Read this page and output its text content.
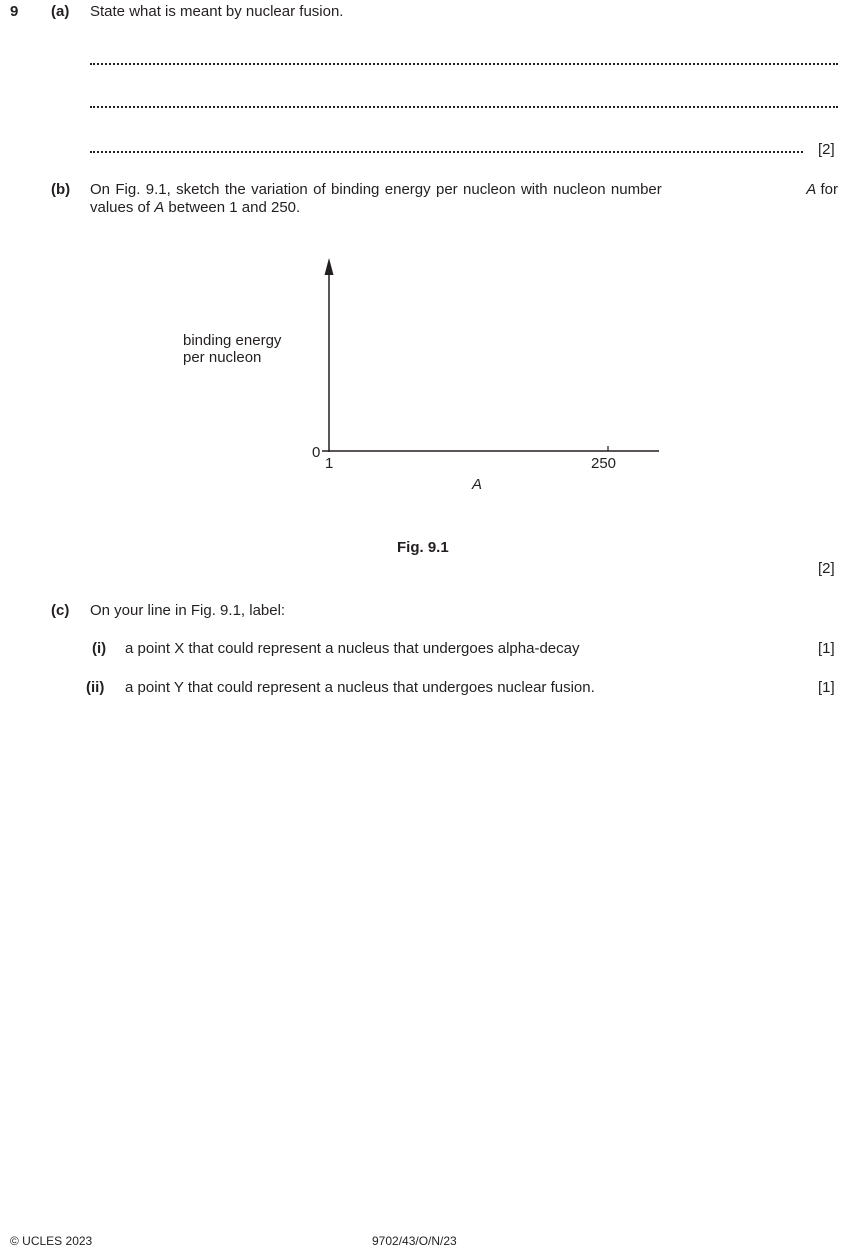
9 (a) State what is meant by nuclear fusion.
[2]
(b) On Fig. 9.1, sketch the variation of binding energy per nucleon with nucleon number	A for
values of A between 1 and 250.
binding energy
per nucleon
0
1	250
A
Fig. 9.1
[2]
(c) On your line in Fig. 9.1, label:
(i) a point X that could represent a nucleus that undergoes alpha-decay	[1]
(ii) a point Y that could represent a nucleus that undergoes nuclear fusion.	[1]
© UCLES 2023	9702/43/O/N/23
